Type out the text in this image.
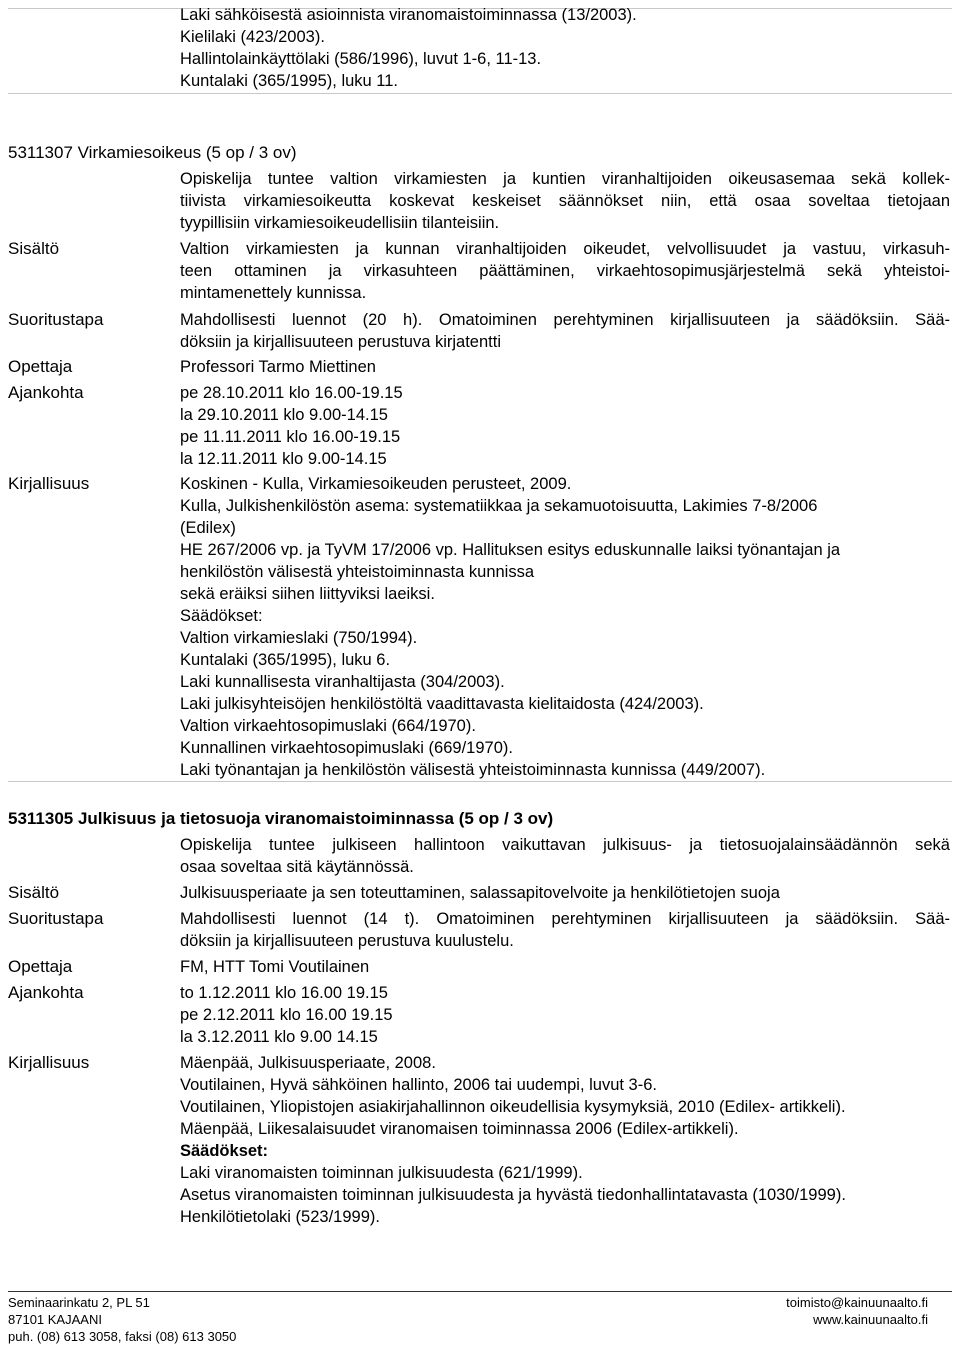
Laki sähköisestä asioinnista viranomaistoiminnassa (13/2003).
Kielilaki (423/2003).
Hallintolainkäyttölaki (586/1996), luvut 1-6, 11-13.
Kuntalaki (365/1995), luku 11.
5311307 Virkamiesoikeus (5 op / 3 ov)
Opiskelija tuntee valtion virkamiesten ja kuntien viranhaltijoiden oikeusasemaa sekä kollek-
tiivista virkamiesoikeutta koskevat keskeiset säännökset niin, että osaa soveltaa tietojaan
tyypillisiin virkamiesoikeudellisiin tilanteisiin.
Sisältö	Valtion virkamiesten ja kunnan viranhaltijoiden oikeudet, velvollisuudet ja vastuu, virkasuh-
teen ottaminen ja virkasuhteen päättäminen, virkaehtosopimusjärjestelmä sekä yhteistoi-
mintamenettely kunnissa.
Suoritustapa	Mahdollisesti luennot (20 h). Omatoiminen perehtyminen kirjallisuuteen ja säädöksiin. Sää-
döksiin ja kirjallisuuteen perustuva kirjatentti
Opettaja	Professori Tarmo Miettinen
Ajankohta	pe 28.10.2011 klo 16.00-19.15
la 29.10.2011 klo 9.00-14.15
pe 11.11.2011 klo 16.00-19.15
la 12.11.2011 klo 9.00-14.15
Kirjallisuus	Koskinen - Kulla, Virkamiesoikeuden perusteet, 2009.
Kulla, Julkishenkilöstön asema: systematiikkaa ja sekamuotoisuutta, Lakimies 7-8/2006
(Edilex)
HE 267/2006 vp. ja TyVM 17/2006 vp. Hallituksen esitys eduskunnalle laiksi työnantajan ja
henkilöstön välisestä yhteistoiminnasta kunnissa
sekä eräiksi siihen liittyviksi laeiksi.
Säädökset:
Valtion virkamieslaki (750/1994).
Kuntalaki (365/1995), luku 6.
Laki kunnallisesta viranhaltijasta (304/2003).
Laki julkisyhteisöjen henkilöstöltä vaadittavasta kielitaidosta (424/2003).
Valtion virkaehtosopimuslaki (664/1970).
Kunnallinen virkaehtosopimuslaki (669/1970).
Laki työnantajan ja henkilöstön välisestä yhteistoiminnasta kunnissa (449/2007).
5311305 Julkisuus ja tietosuoja viranomaistoiminnassa (5 op / 3 ov)
Opiskelija tuntee julkiseen hallintoon vaikuttavan julkisuus- ja tietosuojalainsäädännön sekä
osaa soveltaa sitä käytännössä.
Sisältö	Julkisuusperiaate ja sen toteuttaminen, salassapitovelvoite ja henkilötietojen suoja
Suoritustapa	Mahdollisesti luennot (14 t). Omatoiminen perehtyminen kirjallisuuteen ja säädöksiin. Sää-
döksiin ja kirjallisuuteen perustuva kuulustelu.
Opettaja	FM, HTT Tomi Voutilainen
Ajankohta	to 1.12.2011 klo 16.00 19.15
pe 2.12.2011 klo 16.00 19.15
la 3.12.2011 klo 9.00 14.15
Kirjallisuus	Mäenpää, Julkisuusperiaate, 2008.
Voutilainen, Hyvä sähköinen hallinto, 2006 tai uudempi, luvut 3-6.
Voutilainen, Yliopistojen asiakirjahallinnon oikeudellisia kysymyksiä, 2010 (Edilex- artikkeli).
Mäenpää, Liikesalaisuudet viranomaisen toiminnassa 2006 (Edilex-artikkeli).
Säädökset:
Laki viranomaisten toiminnan julkisuudesta (621/1999).
Asetus viranomaisten toiminnan julkisuudesta ja hyvästä tiedonhallintatavasta (1030/1999).
Henkilötietolaki (523/1999).
Seminaarinkatu 2, PL 51
87101 KAJAANI
puh. (08) 613 3058, faksi (08) 613 3050
toimisto@kainuunaalto.fi
www.kainuunaalto.fi
